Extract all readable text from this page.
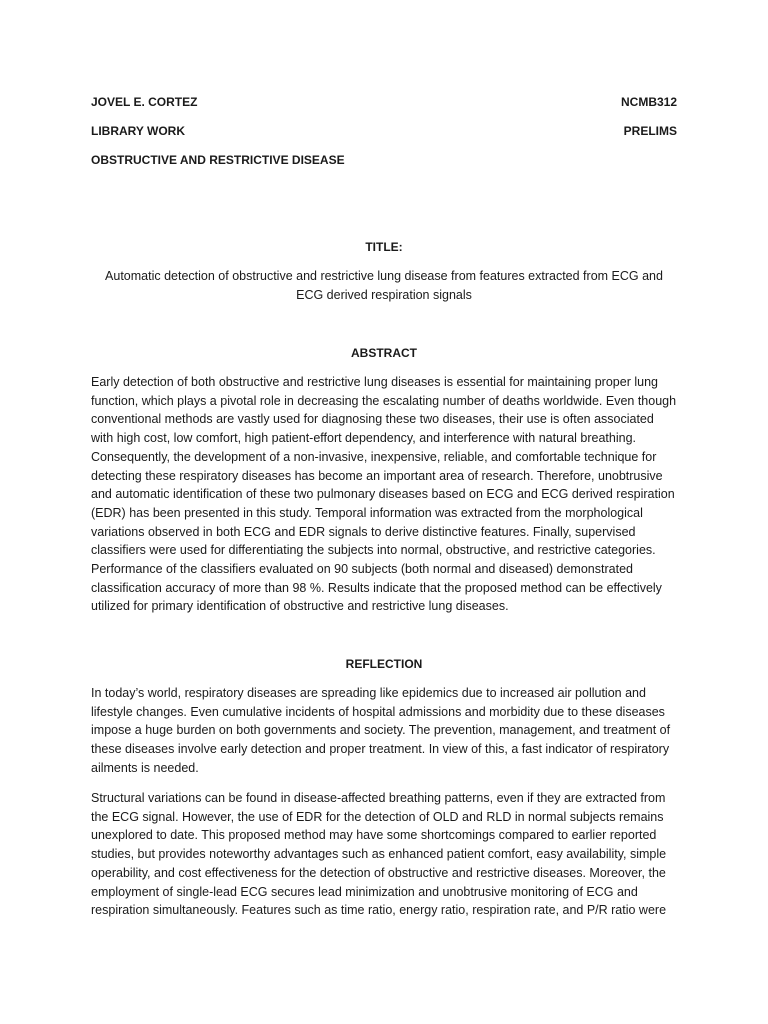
JOVEL E. CORTEZ	NCMB312
LIBRARY WORK	PRELIMS
OBSTRUCTIVE AND RESTRICTIVE DISEASE
TITLE:
Automatic detection of obstructive and restrictive lung disease from features extracted from ECG and ECG derived respiration signals
ABSTRACT

Early detection of both obstructive and restrictive lung diseases is essential for maintaining proper lung function, which plays a pivotal role in decreasing the escalating number of deaths worldwide. Even though conventional methods are vastly used for diagnosing these two diseases, their use is often associated with high cost, low comfort, high patient-effort dependency, and interference with natural breathing. Consequently, the development of a non-invasive, inexpensive, reliable, and comfortable technique for detecting these respiratory diseases has become an important area of research. Therefore, unobtrusive and automatic identification of these two pulmonary diseases based on ECG and ECG derived respiration (EDR) has been presented in this study. Temporal information was extracted from the morphological variations observed in both ECG and EDR signals to derive distinctive features. Finally, supervised classifiers were used for differentiating the subjects into normal, obstructive, and restrictive categories. Performance of the classifiers evaluated on 90 subjects (both normal and diseased) demonstrated classification accuracy of more than 98 %. Results indicate that the proposed method can be effectively utilized for primary identification of obstructive and restrictive lung diseases.

REFLECTION

In today’s world, respiratory diseases are spreading like epidemics due to increased air pollution and lifestyle changes. Even cumulative incidents of hospital admissions and morbidity due to these diseases impose a huge burden on both governments and society. The prevention, management, and treatment of these diseases involve early detection and proper treatment. In view of this, a fast indicator of respiratory ailments is needed.

Structural variations can be found in disease-affected breathing patterns, even if they are extracted from the ECG signal. However, the use of EDR for the detection of OLD and RLD in normal subjects remains unexplored to date. This proposed method may have some shortcomings compared to earlier reported studies, but provides noteworthy advantages such as enhanced patient comfort, easy availability, simple operability, and cost effectiveness for the detection of obstructive and restrictive diseases. Moreover, the employment of single-lead ECG secures lead minimization and unobtrusive monitoring of ECG and respiration simultaneously. Features such as time ratio, energy ratio, respiration rate, and P/R ratio were
